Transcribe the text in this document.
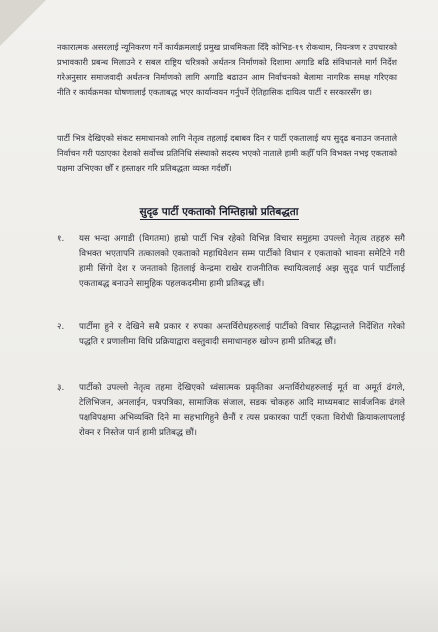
नकारात्मक असरलाई न्यूनिकरण गर्ने कार्यक्रमलाई प्रमुख प्राथमिकता दिँदै कोभिड-१९ रोकथाम, नियन्त्रण र उपचारको प्रभावकारी प्रबन्ध मिलाउने र सबल राष्ट्रिय चरित्रको अर्थतन्त्र निर्माणको दिशामा अगाडि बढि संविधानले मार्ग निर्देश गरेअनुसार समाजवादी अर्थतन्त्र निर्माणको लागि अगाडि बढाउन आम निर्वाचनको बेलामा नागरिक समक्ष गरिएका नीति र कार्यक्रमका घोषणालाई एकताबद्ध भएर कार्यान्वयन गर्नुपर्ने ऐतिहासिक दायित्व पार्टी र सरकारसँग छ।
पार्टी भित्र देखिएको संकट समाधानको लागि नेतृत्व तहलाई दबाबव दिन र पार्टी एकतालाई थप सुदृढ बनाउन जनताले निर्वाचन गरी पठाएका देशको सर्वोच्च प्रतिनिधि संस्थाको सदस्य भएको नाताले हामी कहीँ पनि विभक्त नभइ एकताको पक्षमा उभिएका छौँ र हस्ताक्षर गरि प्रतिबद्धता व्यक्त गर्दछौँ।
सुदृढ पार्टी एकताको निम्तिहाम्रो प्रतिबद्धता
१.	यस भन्दा अगाडी (विगतमा) हाम्रो पार्टी भित्र रहेको विभिन्न विचार समुहमा उपल्लो नेतृत्व तहहरु सगै विभक्त भएतापनि तत्कालको एकताको महाधिवेशन सम्म पार्टीको विधान र एकताको भावना समेटिने गरी हामी सिंगो देश र जनताको हितलाई केन्द्रमा राखेर राजनीतिक स्थायित्वलाई अझ सुदृढ पार्न पार्टीलाई एकताबद्ध बनाउने सामुहिक पहलकदमीमा हामी प्रतिबद्ध छौं।
२.	पार्टीमा हुने र देखिने सबै प्रकार र रुपका अन्तर्विरोधहरुलाई पार्टीको विचार सिद्धान्तले निर्देशित गरेको पद्धति र प्रणालीमा विधि प्रक्रियाद्वारा वस्तुवादी समाधानहरु खोज्न हामी प्रतिबद्ध छौं।
३.	पार्टीको उपल्लो नेतृत्व तहमा देखिएको ध्वंसात्मक प्रकृतिका अन्तर्विरोधहरुलाई मूर्त वा अमूर्त ढंगले, टेलिभिजन, अनलाईन, पत्रपत्रिका, सामाजिक संजाल, सडक चोकहरु आदि माध्यमबाट सार्वजनिक ढंगले पक्षविपक्षमा अभिव्यक्ति दिने मा सहभागिहुने छैनौं र त्यस प्रकारका पार्टी एकता विरोधी क्रियाकलापलाई रोक्न र निस्तेज पार्न हामी प्रतिबद्ध छौं।
